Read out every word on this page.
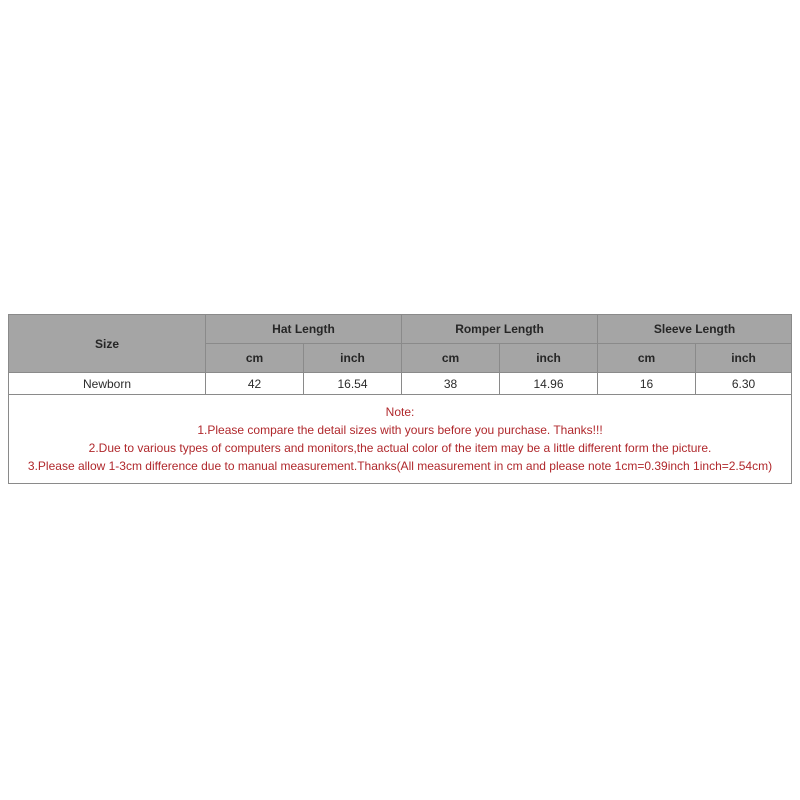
Size	Hat Length		Romper Length		Sleeve Length	
	cm	inch	cm	inch	cm	inch
Newborn	42	16.54	38	14.96	16	6.30

Note:
1.Please compare the detail sizes with yours before you purchase. Thanks!!!
2.Due to various types of computers and monitors,the actual color of the item may be a little different form the picture.
3.Please allow 1-3cm difference due to manual measurement.Thanks(All measurement in cm and please note 1cm=0.39inch 1inch=2.54cm)						
